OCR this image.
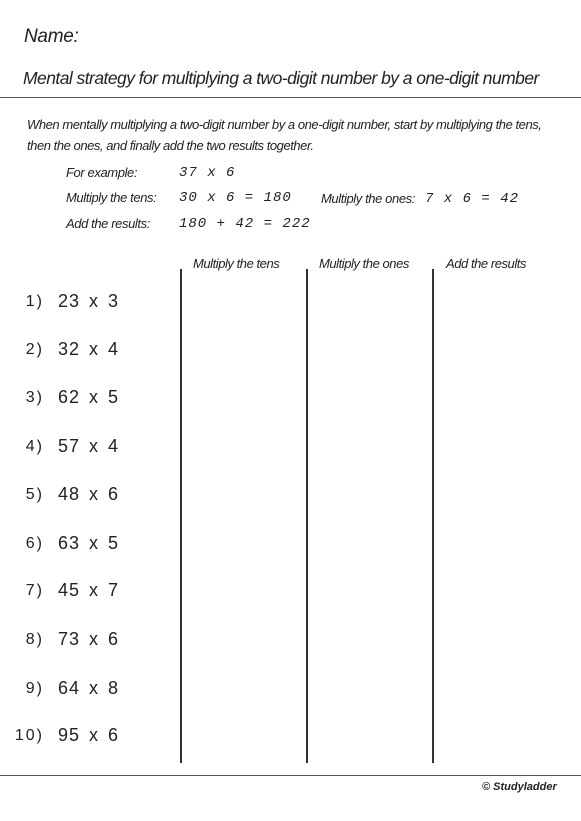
Name:
Mental strategy for multiplying a two-digit number by a one-digit number
When mentally multiplying a two-digit number by a one-digit number, start by multiplying the tens, then the ones, and finally add the two results together.
For example:	37 x 6
Multiply the tens: 30 x 6 = 180 Multiply the ones: 7 x 6 = 42
Add the results: 180 + 42 = 222
Multiply the tens	Multiply the ones	Add the results
1) 23 x 3
2) 32 x 4
3) 62 x 5
4) 57 x 4
5) 48 x 6
6) 63 x 5
7) 45 x 7
8) 73 x 6
9) 64 x 8
10) 95 x 6
© Studyladder
